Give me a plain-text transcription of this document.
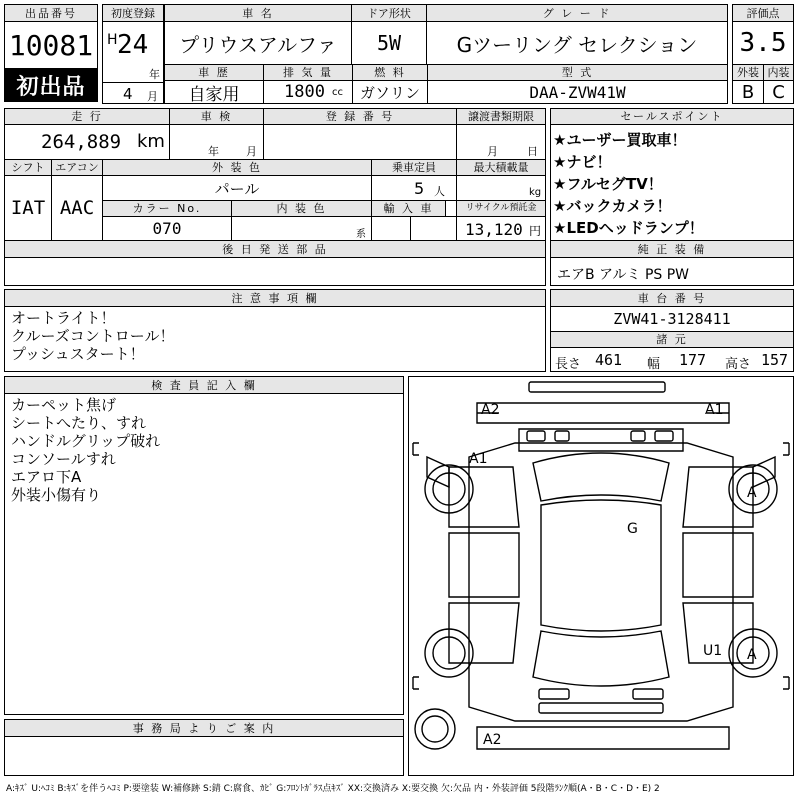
出品番号
10081
初出品
初度登録
H 24
年
4 月
車 名
プリウスアルファ
ドア形状
5W
グ レ ー ド
Gツーリング セレクション
評価点
3.5
車 歴
自家用
排 気 量
1800 cc
燃 料
ガソリン
型 式
DAA-ZVW41W
外装 内装
B	C
走 行
264,889 km
車 検
年 月
登 録 番 号	譲渡書類期限
月	日
シフト
IAT
エアコン
AAC
外 装 色
パール
乗車定員
5 人
最大積載量
kg
カラー No.
070
内 装 色
系
輸 入 車	リサイクル預託金
13,120 円
後 日 発 送 部 品
セールスポイント
★ユーザー買取車！
★ナビ！
★フルセグTV！
★バックカメラ！
★LEDヘッドランプ！
純 正 装 備
エアB アルミ PS PW
注 意 事 項 欄
オートライト！
クルーズコントロール！
プッシュスタート！
車 台 番 号
ZVW41-3128411
諸 元
長さ 461 幅 177 高さ 157
検 査 員 記 入 欄
カーペット焦げ
シートへたり、すれ
ハンドルグリップ破れ
コンソールすれ
エアロ下A
外装小傷有り
事 務 局 よ り ご 案 内
A2	A1
A1
A
G
U1 A
A2
A:ｷｽﾞ U:ﾍｺﾐ B:ｷｽﾞを伴うﾍｺﾐ P:要塗装 W:補修跡 S:錆 C:腐食、ｶﾋﾞ G:ﾌﾛﾝﾄｶﾞﾗｽ点ｷｽﾞ XX:交換済み X:要交換 欠:欠品 内・外装評価 5段階ﾗﾝｸ順(A・B・C・D・E) 2
